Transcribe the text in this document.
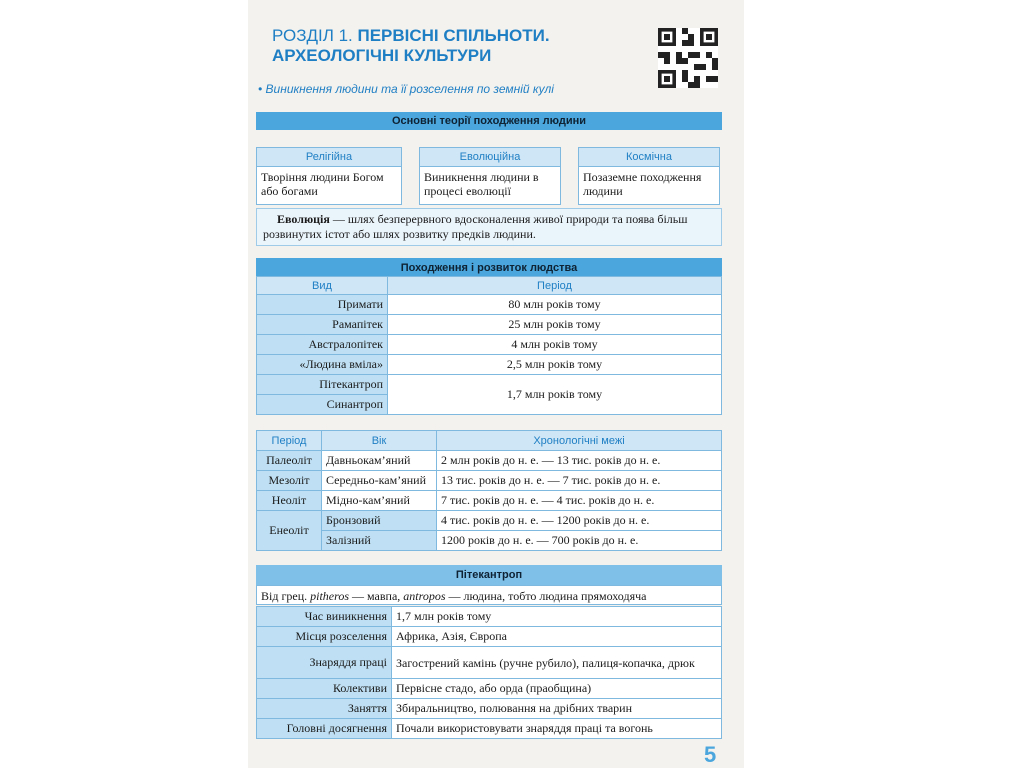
РОЗДІЛ 1. ПЕРВІСНІ СПІЛЬНОТИ.
АРХЕОЛОГІЧНІ КУЛЬТУРИ
• Виникнення людини та її розселення по земній кулі
Основні теорії походження людини
Релігійна
Творіння людини Богом або богами
Еволюційна
Виникнення людини в процесі еволюції
Космічна
Позаземне походження людини
Еволюція — шлях безперервного вдосконалення живої природи та поява більш розвинутих істот або шлях розвитку предків людини.
Походження і розвиток людства
Вид	Період
Примати	80 млн років тому
Рамапітек	25 млн років тому
Австралопітек	4 млн років тому
«Людина вміла»	2,5 млн років тому
Пітекантроп	1,7 млн років тому
Синантроп	
Період	Вік	Хронологічні межі
Палеоліт	Давньокам’яний	2 млн років до н. е. — 13 тис. років до н. е.
Мезоліт	Середньо-кам’яний	13 тис. років до н. е. — 7 тис. років до н. е.
Неоліт	Мідно-кам’яний	7 тис. років до н. е. — 4 тис. років до н. е.
Енеоліт	Бронзовий	4 тис. років до н. е. — 1200 років до н. е.
	Залізний	1200 років до н. е. — 700 років до н. е.
Пітекантроп
Від грец. pitheros — мавпа, antropos — людина, тобто людина прямоходяча
Час виникнення	1,7 млн років тому
Місця розселення	Африка, Азія, Європа
Знаряддя праці	Загострений камінь (ручне рубило), палиця-копачка, дрюк
Колективи	Первісне стадо, або орда (праобщина)
Заняття	Збиральництво, полювання на дрібних тварин
Головні досягнення	Почали використовувати знаряддя праці та вогонь
5
